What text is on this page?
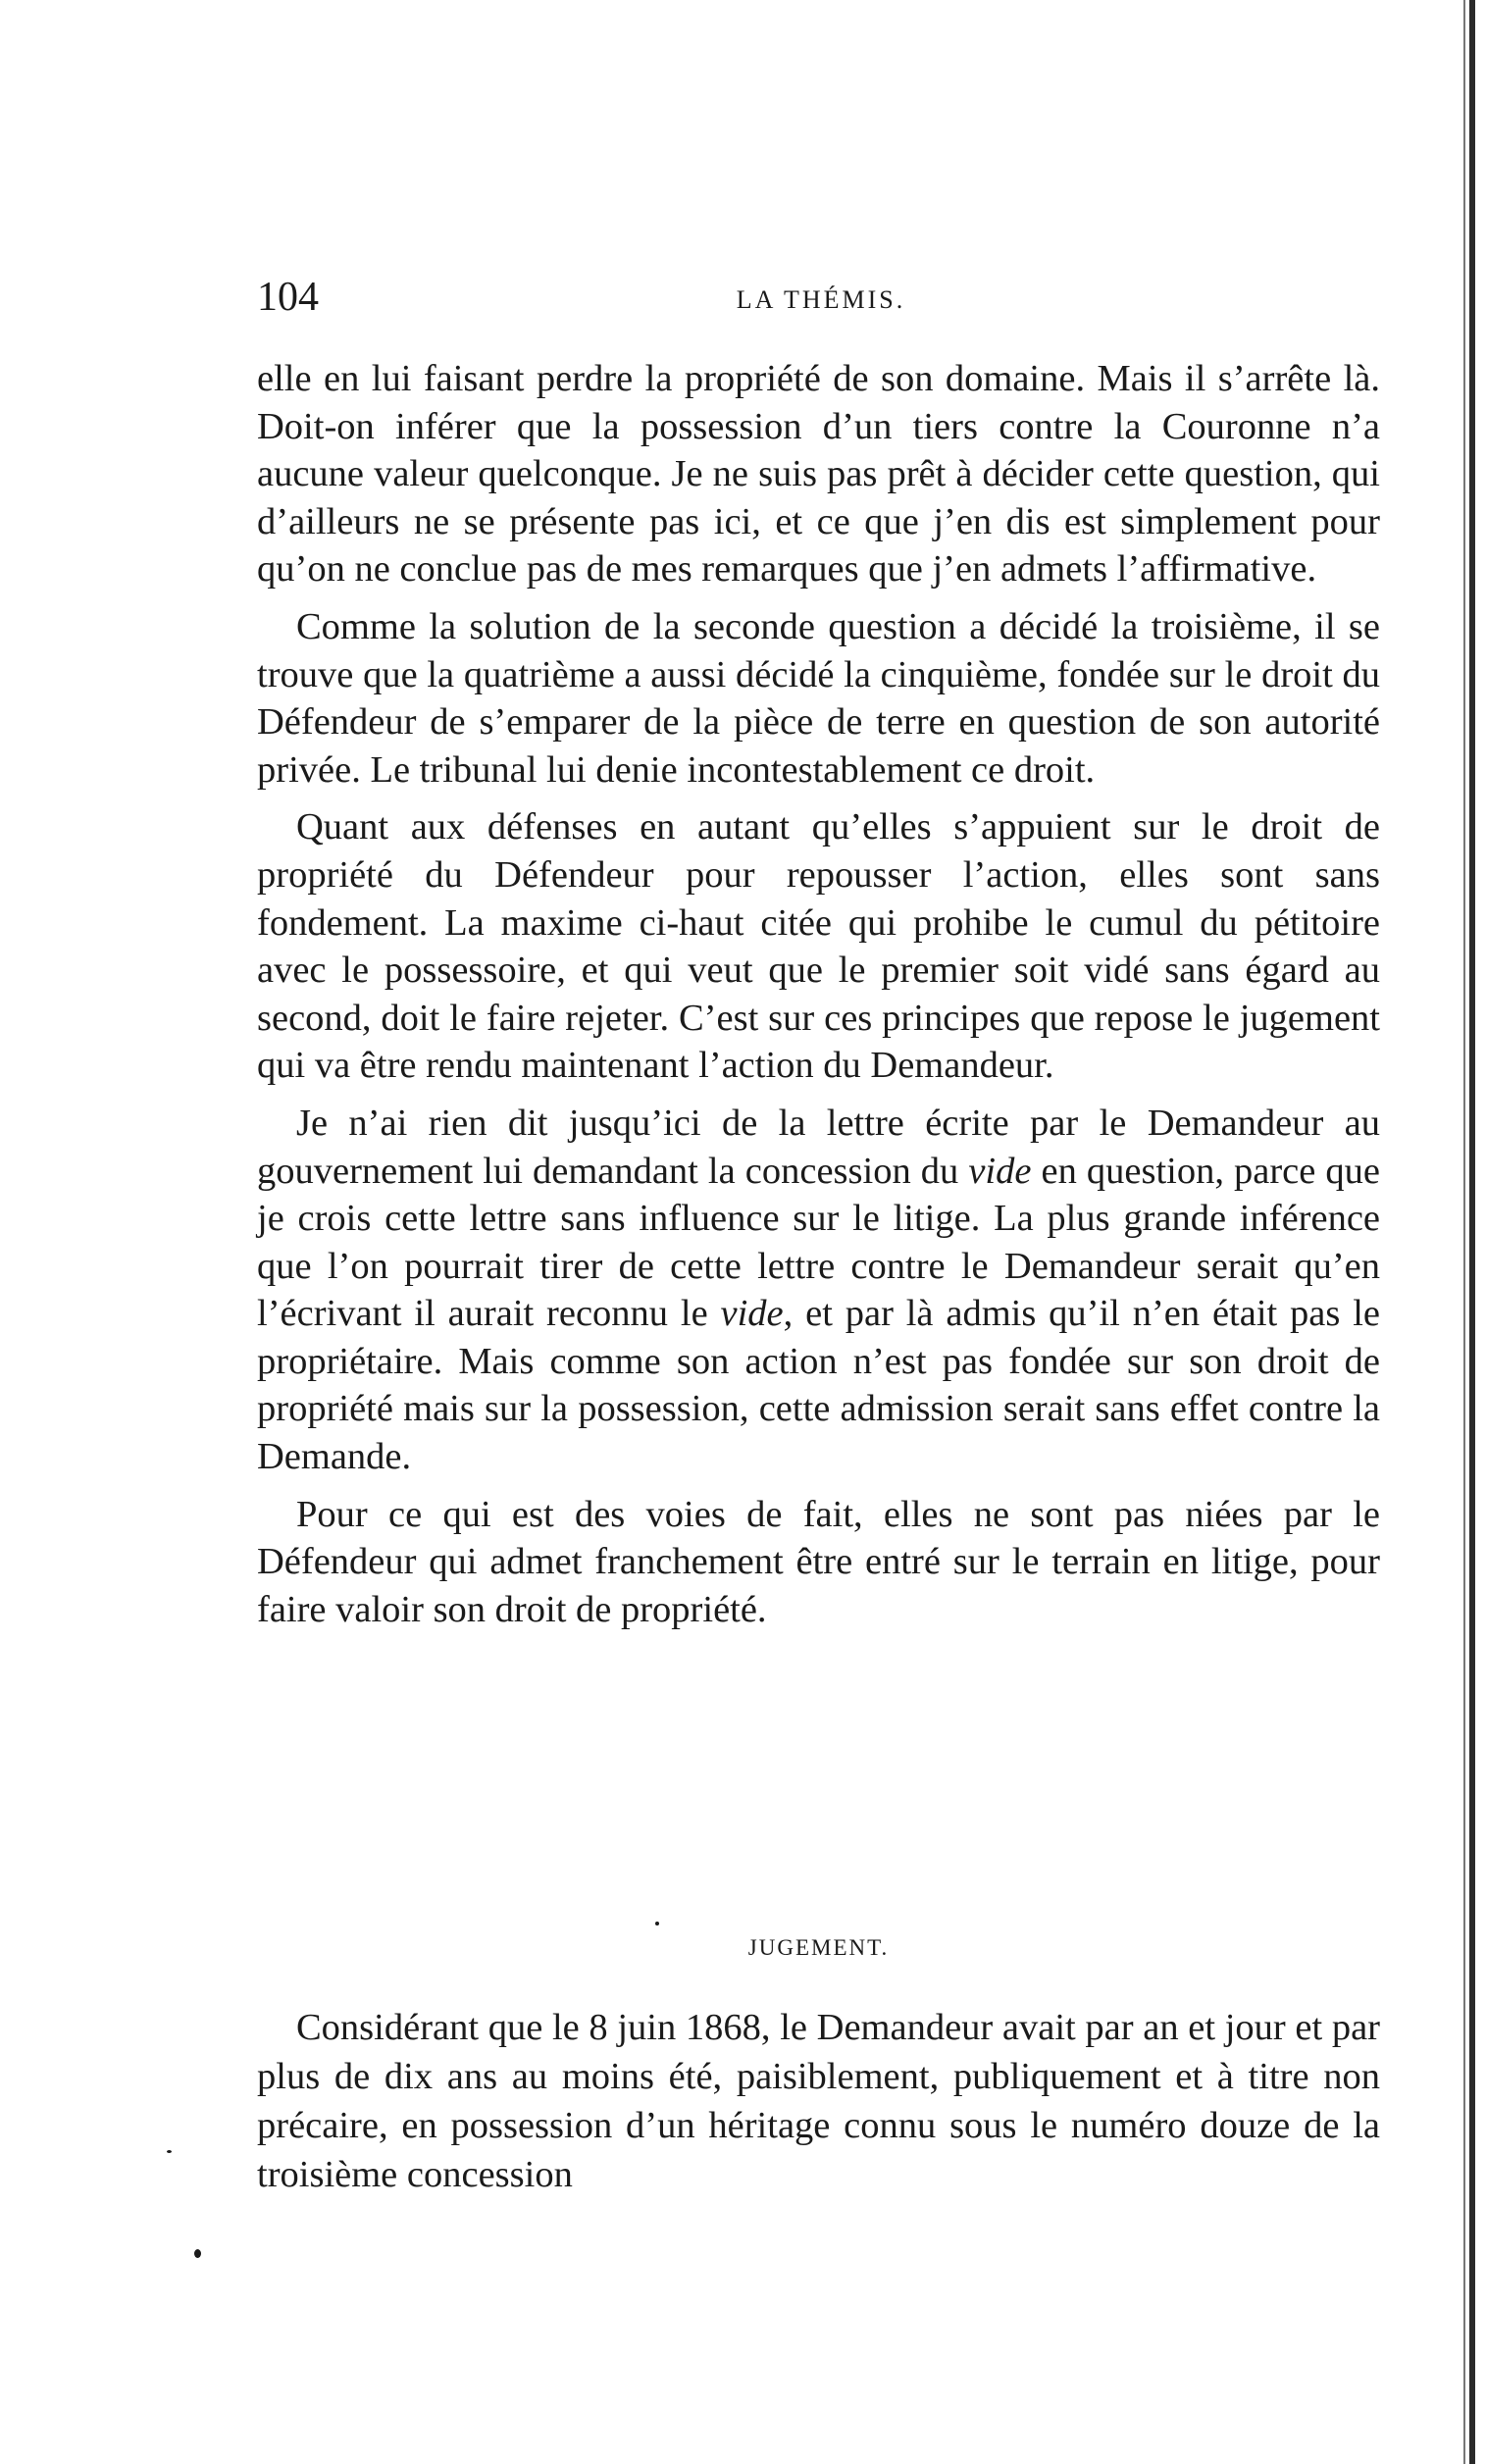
104	LA THÉMIS.

elle en lui faisant perdre la propriété de son domaine. Mais il s’arrête là. Doit-on inférer que la possession d’un tiers contre la Couronne n’a aucune valeur quelconque. Je ne suis pas prêt à décider cette question, qui d’ailleurs ne se présente pas ici, et ce que j’en dis est simplement pour qu’on ne conclue pas de mes remarques que j’en admets l’affirmative.

Comme la solution de la seconde question a décidé la troisième, il se trouve que la quatrième a aussi décidé la cinquième, fondée sur le droit du Défendeur de s’emparer de la pièce de terre en question de son autorité privée. Le tribunal lui denie incontestablement ce droit.

Quant aux défenses en autant qu’elles s’appuient sur le droit de propriété du Défendeur pour repousser l’action, elles sont sans fondement. La maxime ci-haut citée qui prohibe le cumul du pétitoire avec le possessoire, et qui veut que le premier soit vidé sans égard au second, doit le faire rejeter. C’est sur ces principes que repose le jugement qui va être rendu maintenant l’action du Demandeur.

Je n’ai rien dit jusqu’ici de la lettre écrite par le Demandeur au gouvernement lui demandant la concession du vide en question, parce que je crois cette lettre sans influence sur le litige. La plus grande inférence que l’on pourrait tirer de cette lettre contre le Demandeur serait qu’en l’écrivant il aurait reconnu le vide, et par là admis qu’il n’en était pas le propriétaire. Mais comme son action n’est pas fondée sur son droit de propriété mais sur la possession, cette admission serait sans effet contre la Demande.

Pour ce qui est des voies de fait, elles ne sont pas niées par le Défendeur qui admet franchement être entré sur le terrain en litige, pour faire valoir son droit de propriété.

JUGEMENT.

Considérant que le 8 juin 1868, le Demandeur avait par an et jour et par plus de dix ans au moins été, paisiblement, publiquement et à titre non précaire, en possession d’un héritage connu sous le numéro douze de la troisième concession
